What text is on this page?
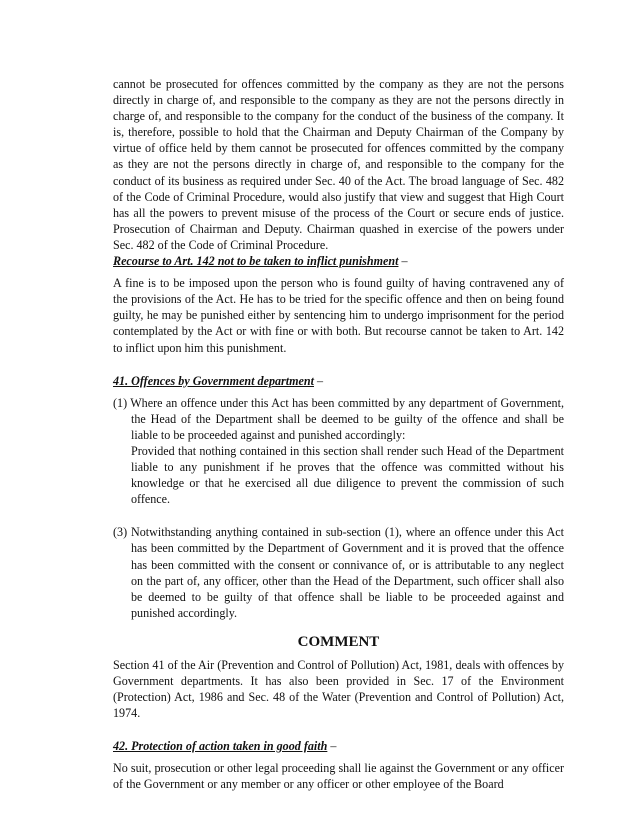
cannot be prosecuted for offences committed by the company as they are not the persons directly in charge of, and responsible to the company as they are not the persons directly in charge of, and responsible to the company for the conduct of the business of the company. It is, therefore, possible to hold that the Chairman and Deputy Chairman of the Company by virtue of office held by them cannot be prosecuted for offences committed by the company as they are not the persons directly in charge of, and responsible to the company for the conduct of its business as required under Sec. 40 of the Act. The broad language of Sec. 482 of the Code of Criminal Procedure, would also justify that view and suggest that High Court has all the powers to prevent misuse of the process of the Court or secure ends of justice. Prosecution of Chairman and Deputy. Chairman quashed in exercise of the powers under Sec. 482 of the Code of Criminal Procedure.

Recourse to Art. 142 not to be taken to inflict punishment –

A fine is to be imposed upon the person who is found guilty of having contravened any of the provisions of the Act. He has to be tried for the specific offence and then on being found guilty, he may be punished either by sentencing him to undergo imprisonment for the period contemplated by the Act or with fine or with both. But recourse cannot be taken to Art. 142 to inflict upon him this punishment.

41. Offences by Government department –

(1) Where an offence under this Act has been committed by any department of Government, the Head of the Department shall be deemed to be guilty of the offence and shall be liable to be proceeded against and punished accordingly:

Provided that nothing contained in this section shall render such Head of the Department liable to any punishment if he proves that the offence was committed without his knowledge or that he exercised all due diligence to prevent the commission of such offence.

(3) Notwithstanding anything contained in sub-section (1), where an offence under this Act has been committed by the Department of Government and it is proved that the offence has been committed with the consent or connivance of, or is attributable to any neglect on the part of, any officer, other than the Head of the Department, such officer shall also be deemed to be guilty of that offence shall be liable to be proceeded against and punished accordingly.

COMMENT

Section 41 of the Air (Prevention and Control of Pollution) Act, 1981, deals with offences by Government departments. It has also been provided in Sec. 17 of the Environment (Protection) Act, 1986 and Sec. 48 of the Water (Prevention and Control of Pollution) Act, 1974.

42. Protection of action taken in good faith –

No suit, prosecution or other legal proceeding shall lie against the Government or any officer of the Government or any member or any officer or other employee of the Board
